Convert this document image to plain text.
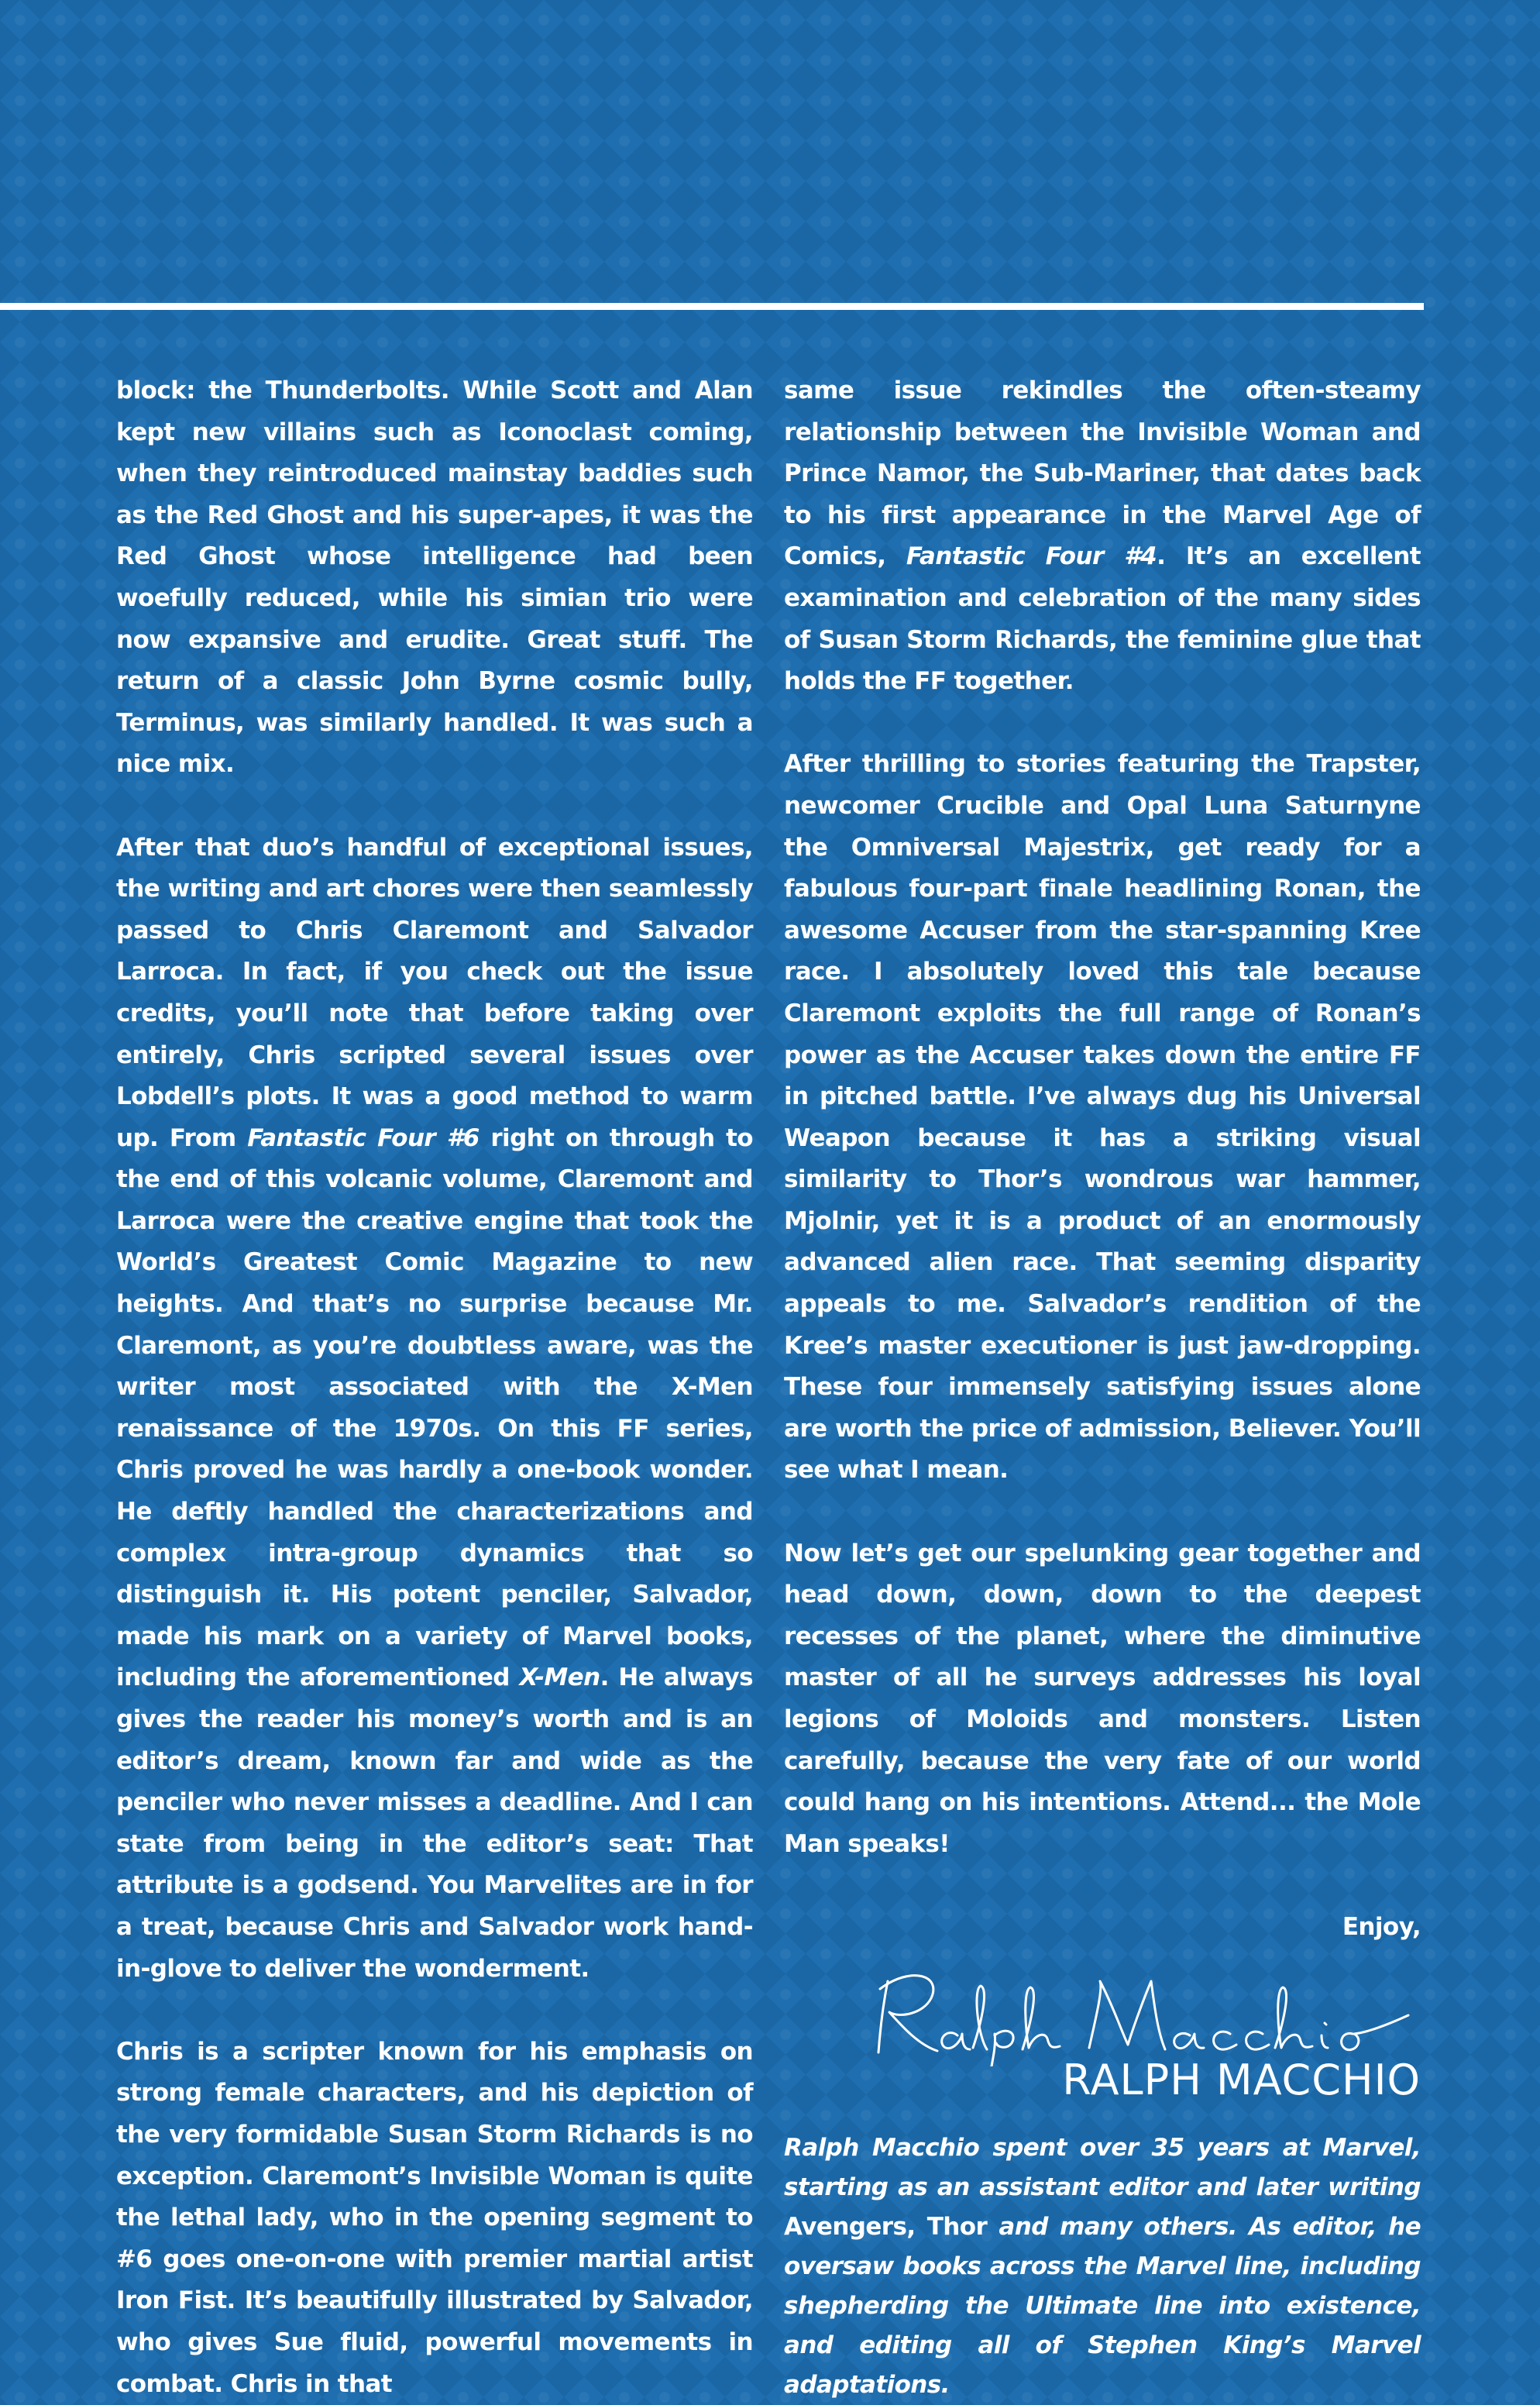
block: the Thunderbolts. While Scott and Alan kept new villains such as Iconoclast coming, when they reintroduced mainstay baddies such as the Red Ghost and his super-apes, it was the Red Ghost whose intelligence had been woefully reduced, while his simian trio were now expansive and erudite. Great stuff. The return of a classic John Byrne cosmic bully, Terminus, was similarly handled. It was such a nice mix.

After that duo’s handful of exceptional issues, the writing and art chores were then seamlessly passed to Chris Claremont and Salvador Larroca. In fact, if you check out the issue credits, you’ll note that before taking over entirely, Chris scripted several issues over Lobdell’s plots. It was a good method to warm up. From Fantastic Four #6 right on through to the end of this volcanic volume, Claremont and Larroca were the creative engine that took the World’s Greatest Comic Magazine to new heights. And that’s no surprise because Mr. Claremont, as you’re doubtless aware, was the writer most associated with the X-Men renaissance of the 1970s. On this FF series, Chris proved he was hardly a one-book wonder. He deftly handled the characterizations and complex intra-group dynamics that so distinguish it. His potent penciler, Salvador, made his mark on a variety of Marvel books, including the aforementioned X-Men. He always gives the reader his money’s worth and is an editor’s dream, known far and wide as the penciler who never misses a deadline. And I can state from being in the editor’s seat: That attribute is a godsend. You Marvelites are in for a treat, because Chris and Salvador work hand-in-glove to deliver the wonderment.

Chris is a scripter known for his emphasis on strong female characters, and his depiction of the very formidable Susan Storm Richards is no exception. Claremont’s Invisible Woman is quite the lethal lady, who in the opening segment to #6 goes one-on-one with premier martial artist Iron Fist. It’s beautifully illustrated by Salvador, who gives Sue fluid, powerful movements in combat. Chris in that

same issue rekindles the often-steamy relationship between the Invisible Woman and Prince Namor, the Sub-Mariner, that dates back to his first appearance in the Marvel Age of Comics, Fantastic Four #4. It’s an excellent examination and celebration of the many sides of Susan Storm Richards, the feminine glue that holds the FF together.

After thrilling to stories featuring the Trapster, newcomer Crucible and Opal Luna Saturnyne the Omniversal Majestrix, get ready for a fabulous four-part finale headlining Ronan, the awesome Accuser from the star-spanning Kree race. I absolutely loved this tale because Claremont exploits the full range of Ronan’s power as the Accuser takes down the entire FF in pitched battle. I’ve always dug his Universal Weapon because it has a striking visual similarity to Thor’s wondrous war hammer, Mjolnir, yet it is a product of an enormously advanced alien race. That seeming disparity appeals to me. Salvador’s rendition of the Kree’s master executioner is just jaw-dropping. These four immensely satisfying issues alone are worth the price of admission, Believer. You’ll see what I mean.

Now let’s get our spelunking gear together and head down, down, down to the deepest recesses of the planet, where the diminutive master of all he surveys addresses his loyal legions of Moloids and monsters. Listen carefully, because the very fate of our world could hang on his intentions. Attend... the Mole Man speaks!

Enjoy,
RALPH MACCHIO

Ralph Macchio spent over 35 years at Marvel, starting as an assistant editor and later writing Avengers, Thor and many others. As editor, he oversaw books across the Marvel line, including shepherding the Ultimate line into existence, and editing all of Stephen King’s Marvel adaptations.
